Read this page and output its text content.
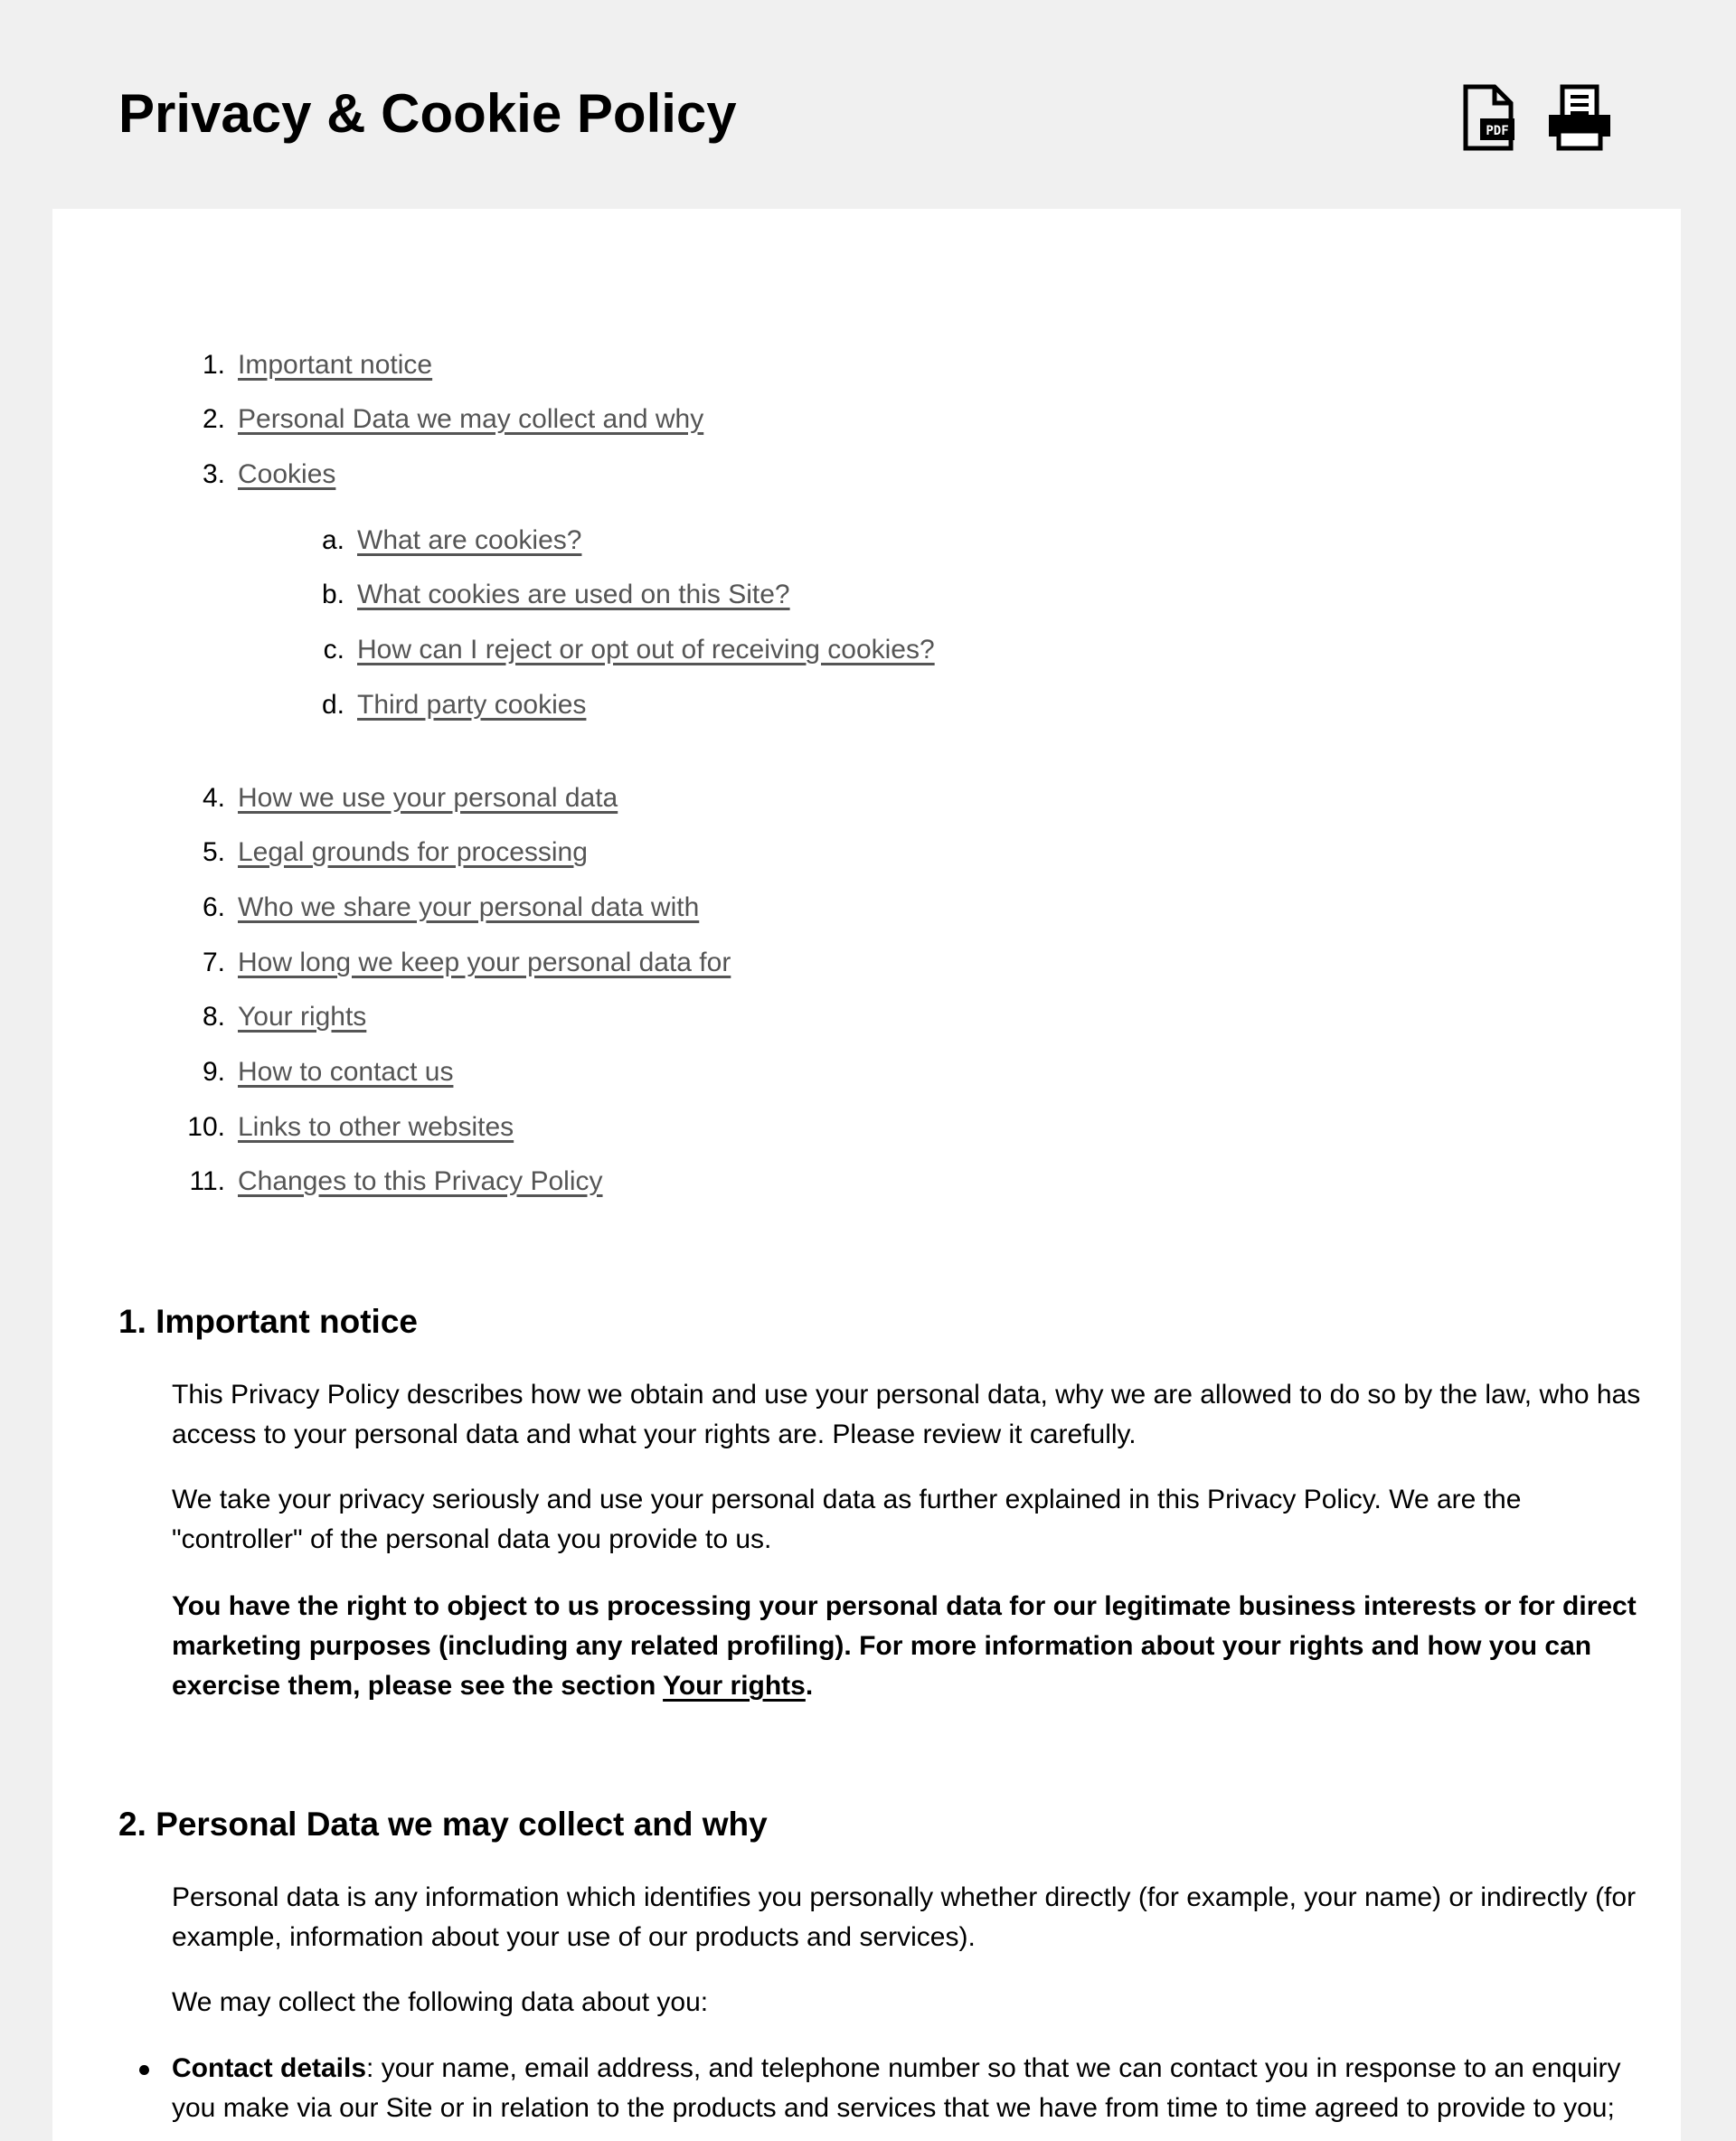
Privacy & Cookie Policy	PDF
1. Important notice
2. Personal Data we may collect and why
3. Cookies
a. What are cookies?
b. What cookies are used on this Site?
c. How can I reject or opt out of receiving cookies?
d. Third party cookies
4. How we use your personal data
5. Legal grounds for processing
6. Who we share your personal data with
7. How long we keep your personal data for
8. Your rights
9. How to contact us
10. Links to other websites
11. Changes to this Privacy Policy
1. Important notice

This Privacy Policy describes how we obtain and use your personal data, why we are allowed to do so by the law, who has access to your personal data and what your rights are. Please review it carefully.

We take your privacy seriously and use your personal data as further explained in this Privacy Policy. We are the "controller" of the personal data you provide to us.

You have the right to object to us processing your personal data for our legitimate business interests or for direct marketing purposes (including any related profiling). For more information about your rights and how you can exercise them, please see the section Your rights.

2. Personal Data we may collect and why

Personal data is any information which identifies you personally whether directly (for example, your name) or indirectly (for example, information about your use of our products and services).

We may collect the following data about you:

Contact details: your name, email address, and telephone number so that we can contact you in response to an enquiry you make via our Site or in relation to the products and services that we have from time to time agreed to provide to you;
